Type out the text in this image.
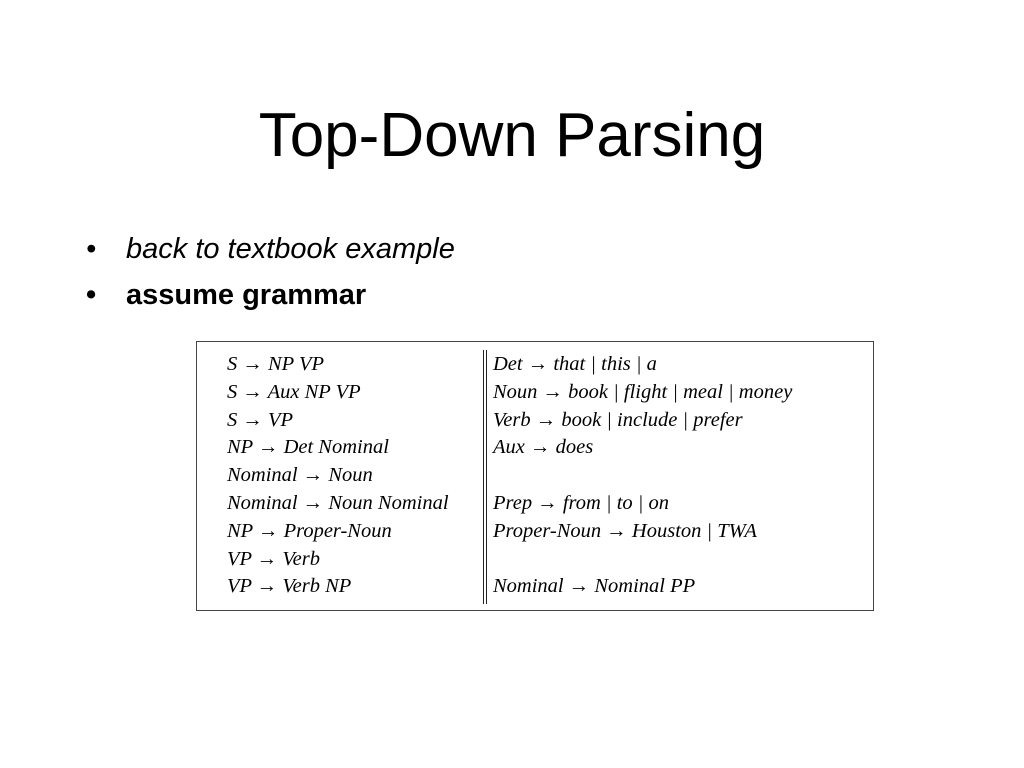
Top-Down Parsing
• back to textbook example
• assume grammar
S → NP VP
S → Aux NP VP
S → VP
NP → Det Nominal
Nominal → Noun
Nominal → Noun Nominal
NP → Proper-Noun
VP → Verb
VP → Verb NP
Det → that | this | a
Noun → book | flight | meal | money
Verb → book | include | prefer
Aux → does
Prep → from | to | on
Proper-Noun → Houston | TWA
Nominal → Nominal PP
